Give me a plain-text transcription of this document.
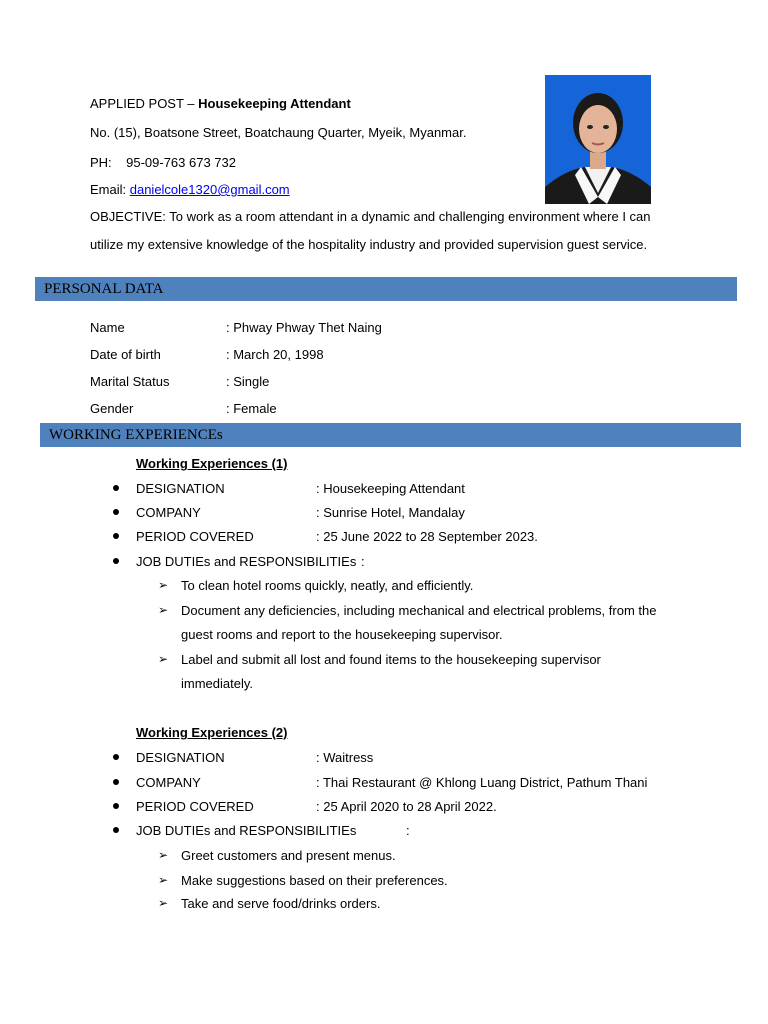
APPLIED POST – Housekeeping Attendant
No. (15), Boatsone Street, Boatchaung Quarter, Myeik, Myanmar.
PH: 95-09-763 673 732
Email: danielcole1320@gmail.com
OBJECTIVE: To work as a room attendant in a dynamic and challenging environment where I can
utilize my extensive knowledge of the hospitality industry and provided supervision guest service.
PERSONAL DATA
Name	: Phway Phway Thet Naing
Date of birth	: March 20, 1998
Marital Status	: Single
Gender	: Female
WORKING EXPERIENCEs
Working Experiences (1)
DESIGNATION	: Housekeeping Attendant
COMPANY	: Sunrise Hotel, Mandalay
PERIOD COVERED	: 25 June 2022 to 28 September 2023.
JOB DUTIEs and RESPONSIBILITIEs :
➢ To clean hotel rooms quickly, neatly, and efficiently.
➢ Document any deficiencies, including mechanical and electrical problems, from the
guest rooms and report to the housekeeping supervisor.
➢ Label and submit all lost and found items to the housekeeping supervisor
immediately.
Working Experiences (2)
DESIGNATION	: Waitress
COMPANY	: Thai Restaurant @ Khlong Luang District, Pathum Thani
PERIOD COVERED	: 25 April 2020 to 28 April 2022.
JOB DUTIEs and RESPONSIBILITIEs	:
➢ Greet customers and present menus.
➢ Make suggestions based on their preferences.
➢ Take and serve food/drinks orders.
